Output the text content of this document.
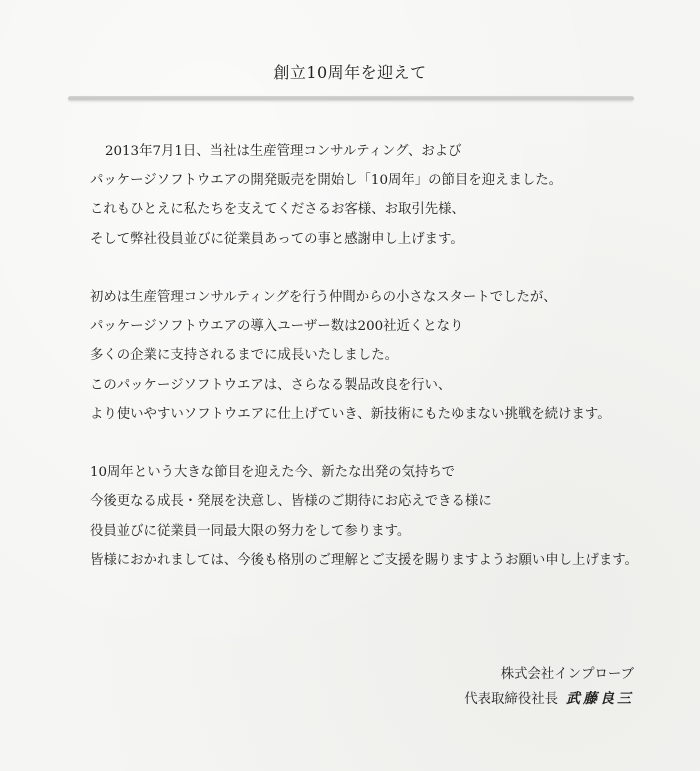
創立10周年を迎えて

2013年7月1日、当社は生産管理コンサルティング、および
パッケージソフトウエアの開発販売を開始し「10周年」の節目を迎えました。
これもひとえに私たちを支えてくださるお客様、お取引先様、
そして弊社役員並びに従業員あっての事と感謝申し上げます。

初めは生産管理コンサルティングを行う仲間からの小さなスタートでしたが、
パッケージソフトウエアの導入ユーザー数は200社近くとなり
多くの企業に支持されるまでに成長いたしました。
このパッケージソフトウエアは、さらなる製品改良を行い、
より使いやすいソフトウエアに仕上げていき、新技術にもたゆまない挑戦を続けます。

10周年という大きな節目を迎えた今、新たな出発の気持ちで
今後更なる成長・発展を決意し、皆様のご期待にお応えできる様に
役員並びに従業員一同最大限の努力をして参ります。
皆様におかれましては、今後も格別のご理解とご支援を賜りますようお願い申し上げます。

株式会社インプローブ
代表取締役社長 武藤良三
